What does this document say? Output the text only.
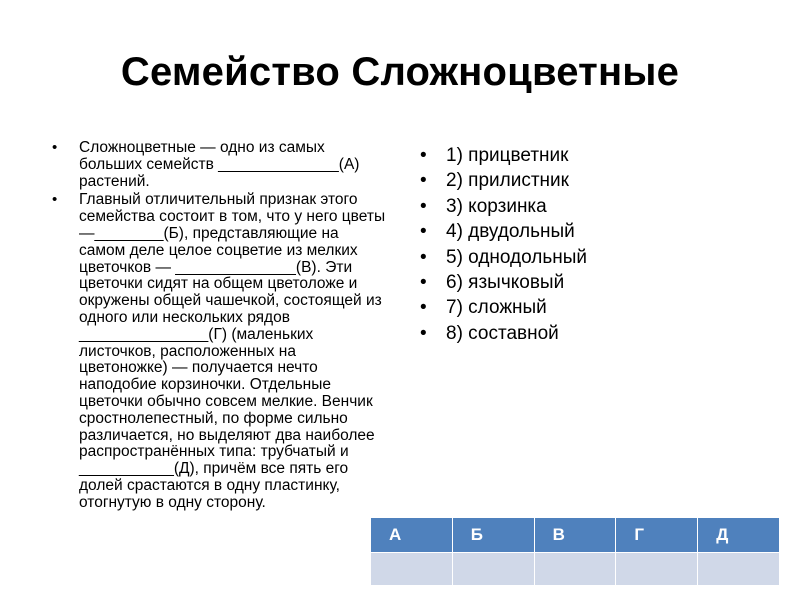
Семейство Сложноцветные
• Сложноцветные — одно из самых больших семейств ______________(А) растений.
• Главный отличительный признак этого семейства состоит в том, что у него цветы —________(Б), представляющие на самом деле целое соцветие из мелких цветочков — ______________(В). Эти цветочки сидят на общем цветоложе и окружены общей чашечкой, состоящей из одного или нескольких рядов _______________(Г) (маленьких листочков, расположенных на цветоножке) — получается нечто наподобие корзиночки. Отдельные цветочки обычно совсем мелкие. Венчик сростнолепестный, по форме сильно различается, но выделяют два наиболее распространённых типа: трубчатый и ___________(Д), причём все пять его долей срастаются в одну пластинку, отогнутую в одну сторону.
• 1) прицветник
• 2) прилистник
• 3) корзинка
• 4) двудольный
• 5) однодольный
• 6) язычковый
• 7) сложный
• 8) составной
А	Б	В	Г	Д
